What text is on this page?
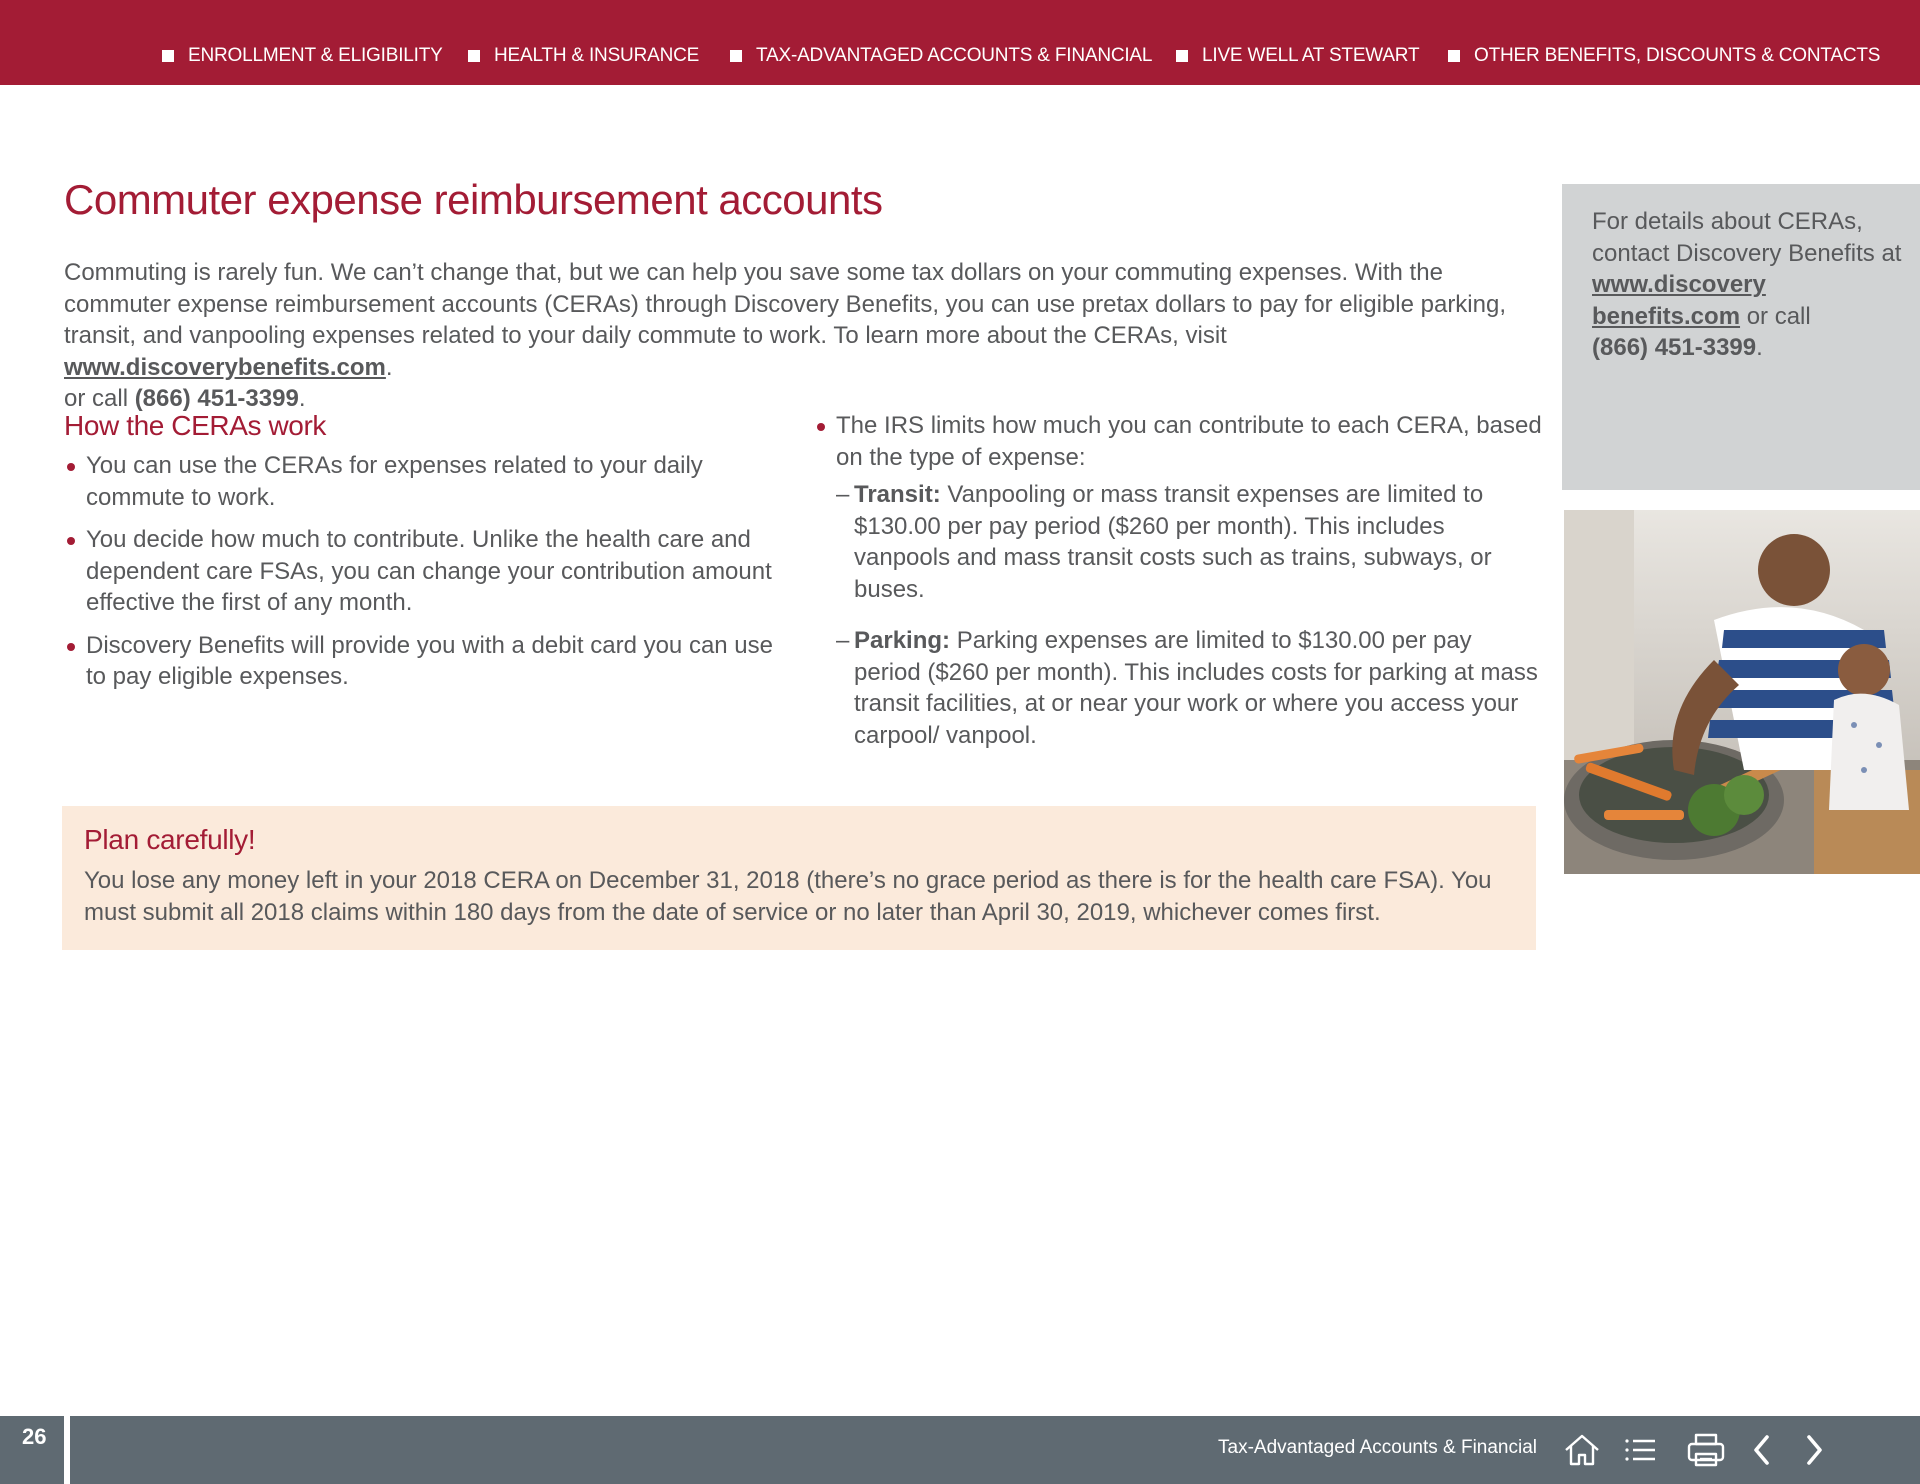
ENROLLMENT & ELIGIBILITY	HEALTH & INSURANCE	TAX-ADVANTAGED ACCOUNTS & FINANCIAL	LIVE WELL AT STEWART	OTHER BENEFITS, DISCOUNTS & CONTACTS
Commuter expense reimbursement accounts

Commuting is rarely fun. We can’t change that, but we can help you save some tax dollars on your commuting expenses. With the commuter expense reimbursement accounts (CERAs) through Discovery Benefits, you can use pretax dollars to pay for eligible parking, transit, and vanpooling expenses related to your daily commute to work. To learn more about the CERAs, visit www.discoverybenefits.com.
or call (866) 451-3399.

How the CERAs work
You can use the CERAs for expenses related to your daily commute to work.
You decide how much to contribute. Unlike the health care and dependent care FSAs, you can change your contribution amount effective the first of any month.
Discovery Benefits will provide you with a debit card you can use to pay eligible expenses.
The IRS limits how much you can contribute to each CERA, based on the type of expense:

– Transit: Vanpooling or mass transit expenses are limited to $130.00 per pay period ($260 per month). This includes vanpools and mass transit costs such as trains, subways, or buses.

– Parking: Parking expenses are limited to $130.00 per pay period ($260 per month). This includes costs for parking at mass transit facilities, at or near your work or where you access your carpool/ vanpool.

Plan carefully!

You lose any money left in your 2018 CERA on December 31, 2018 (there’s no grace period as there is for the health care FSA). You must submit all 2018 claims within 180 days from the date of service or no later than April 30, 2019, whichever comes first.

For details about CERAs, contact Discovery Benefits at www.discovery
benefits.com or call
(866) 451-3399.

26	Tax-Advantaged Accounts & Financial
